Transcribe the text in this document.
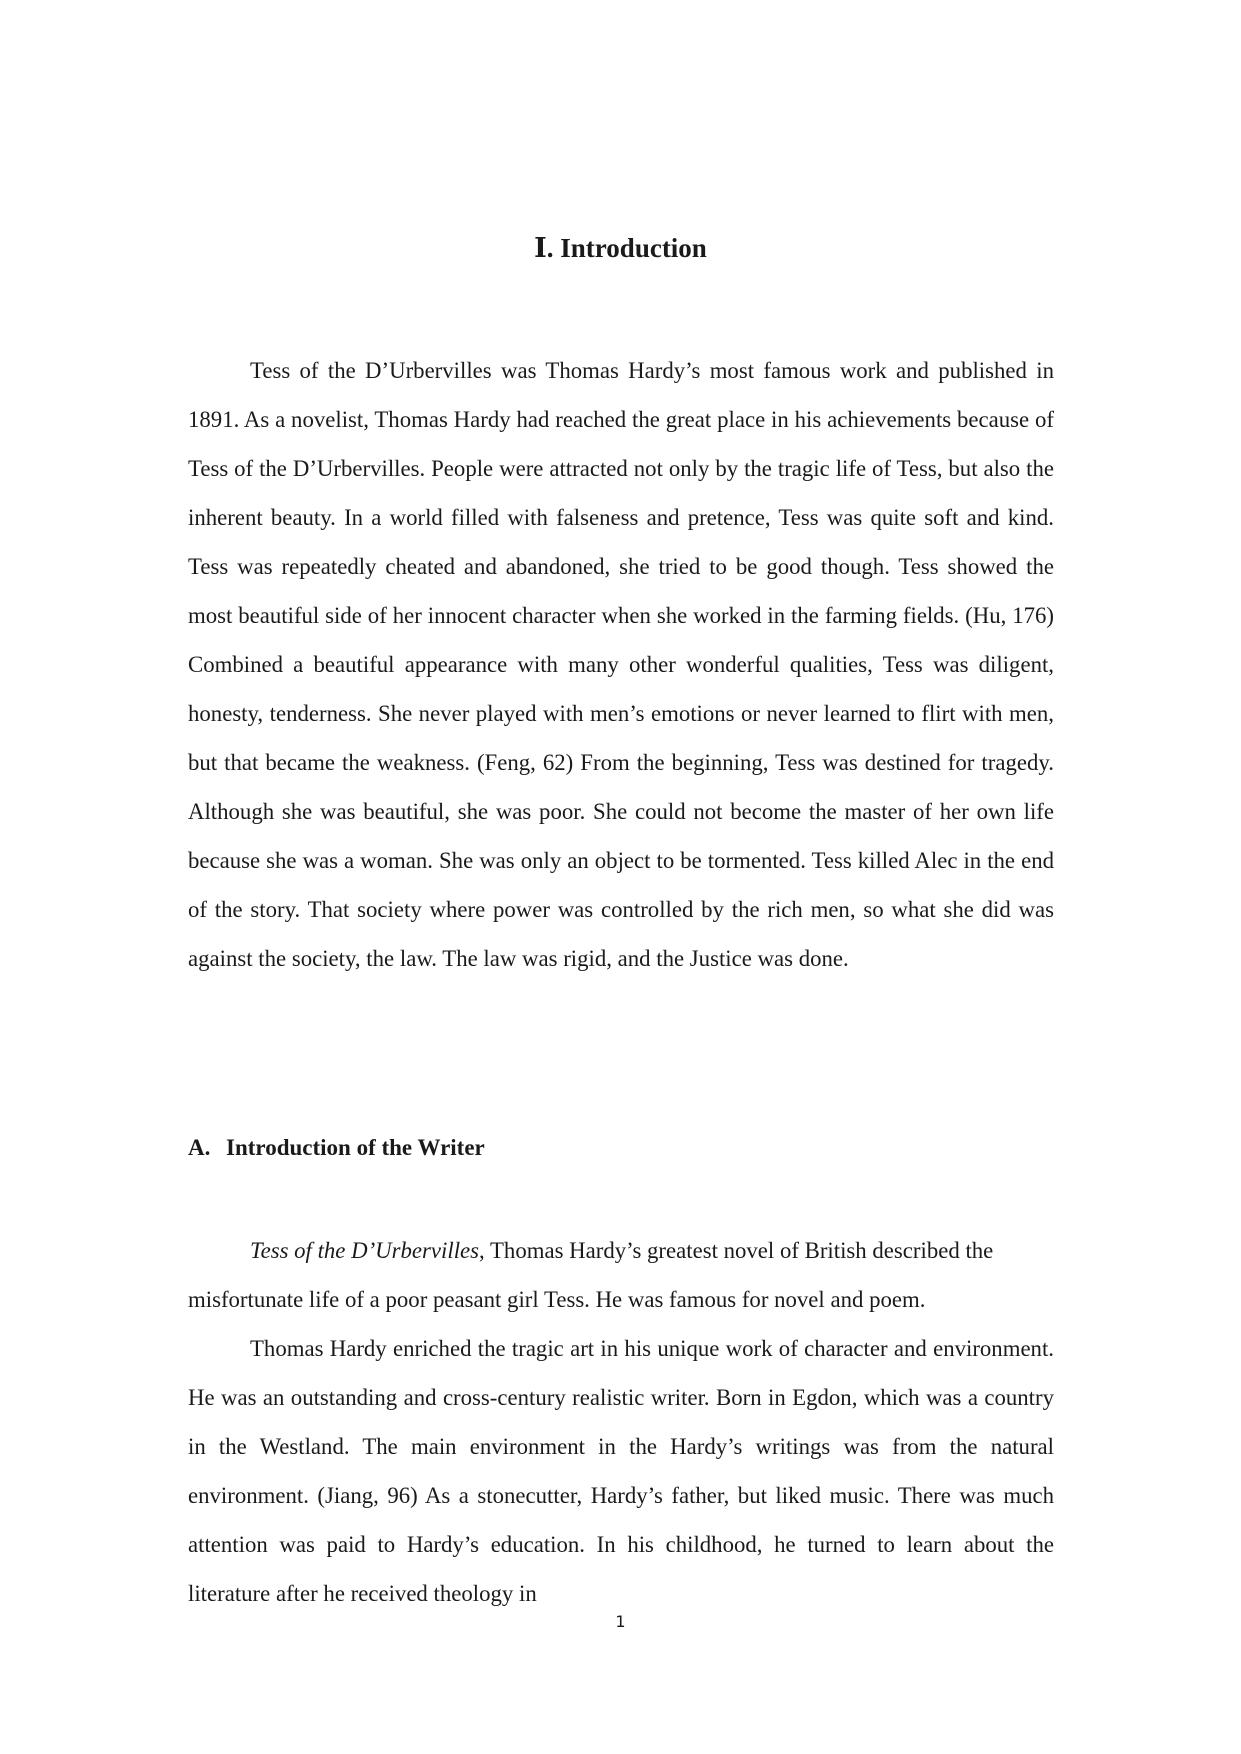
Ⅰ. Introduction

Tess of the D’Urbervilles was Thomas Hardy’s most famous work and published in 1891. As a novelist, Thomas Hardy had reached the great place in his achievements because of Tess of the D’Urbervilles. People were attracted not only by the tragic life of Tess, but also the inherent beauty. In a world filled with falseness and pretence, Tess was quite soft and kind. Tess was repeatedly cheated and abandoned, she tried to be good though. Tess showed the most beautiful side of her innocent character when she worked in the farming fields. (Hu, 176) Combined a beautiful appearance with many other wonderful qualities, Tess was diligent, honesty, tenderness. She never played with men’s emotions or never learned to flirt with men, but that became the weakness. (Feng, 62) From the beginning, Tess was destined for tragedy. Although she was beautiful, she was poor. She could not become the master of her own life because she was a woman. She was only an object to be tormented. Tess killed Alec in the end of the story. That society where power was controlled by the rich men, so what she did was against the society, the law. The law was rigid, and the Justice was done.

A. Introduction of the Writer

Tess of the D’Urbervilles, Thomas Hardy’s greatest novel of British described the misfortunate life of a poor peasant girl Tess. He was famous for novel and poem.

Thomas Hardy enriched the tragic art in his unique work of character and environment. He was an outstanding and cross-century realistic writer. Born in Egdon, which was a country in the Westland. The main environment in the Hardy’s writings was from the natural environment. (Jiang, 96) As a stonecutter, Hardy’s father, but liked music. There was much attention was paid to Hardy’s education. In his childhood, he turned to learn about the literature after he received theology in

1
